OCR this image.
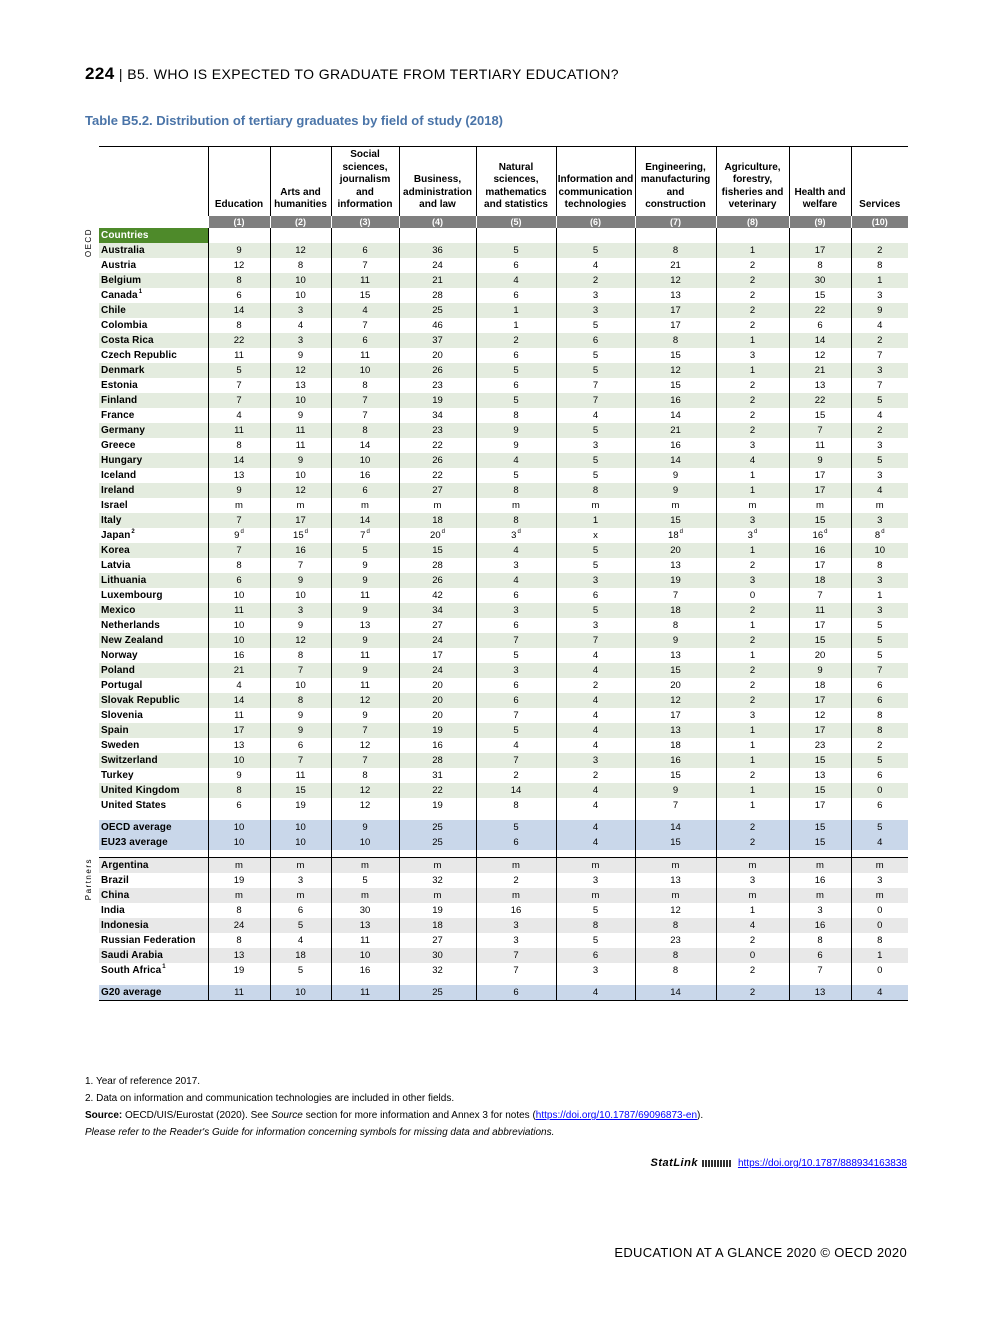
224 | B5. WHO IS EXPECTED TO GRADUATE FROM TERTIARY EDUCATION?
Table B5.2. Distribution of tertiary graduates by field of study (2018)
		Education	Arts and humanities	Social sciences, journalism and information	Business, administration and law	Natural sciences, mathematics and statistics	Information and communication technologies	Engineering, manufacturing and construction	Agriculture, forestry, fisheries and veterinary	Health and welfare	Services
		(1)	(2)	(3)	(4)	(5)	(6)	(7)	(8)	(9)	(10)
	Countries										
	Australia	9	12	6	36	5	5	8	1	17	2
	Austria	12	8	7	24	6	4	21	2	8	8
	Belgium	8	10	11	21	4	2	12	2	30	1
	Canada$^1$	6	10	15	28	6	3	13	2	15	3
	Chile	14	3	4	25	1	3	17	2	22	9
	Colombia	8	4	7	46	1	5	17	2	6	4
	Costa Rica	22	3	6	37	2	6	8	1	14	2
	Czech Republic	11	9	11	20	6	5	15	3	12	7
	Denmark	5	12	10	26	5	5	12	1	21	3
	Estonia	7	13	8	23	6	7	15	2	13	7
	Finland	7	10	7	19	5	7	16	2	22	5
	France	4	9	7	34	8	4	14	2	15	4
	Germany	11	11	8	23	9	5	21	2	7	2
	Greece	8	11	14	22	9	3	16	3	11	3
	Hungary	14	9	10	26	4	5	14	4	9	5
	Iceland	13	10	16	22	5	5	9	1	17	3
	Ireland	9	12	6	27	8	8	9	1	17	4
	Israel	m	m	m	m	m	m	m	m	m	m
	Italy	7	17	14	18	8	1	15	3	15	3
	Japan$^2$	9$^d$	15$^d$	7$^d$	20$^d$	3$^d$	x	18$^d$	3$^d$	16$^d$	8$^d$
	Korea	7	16	5	15	4	5	20	1	16	10
	Latvia	8	7	9	28	3	5	13	2	17	8
	Lithuania	6	9	9	26	4	3	19	3	18	3
	Luxembourg	10	10	11	42	6	6	7	0	7	1
	Mexico	11	3	9	34	3	5	18	2	11	3
	Netherlands	10	9	13	27	6	3	8	1	17	5
	New Zealand	10	12	9	24	7	7	9	2	15	5
	Norway	16	8	11	17	5	4	13	1	20	5
	Poland	21	7	9	24	3	4	15	2	9	7
	Portugal	4	10	11	20	6	2	20	2	18	6
	Slovak Republic	14	8	12	20	6	4	12	2	17	6
	Slovenia	11	9	9	20	7	4	17	3	12	8
	Spain	17	9	7	19	5	4	13	1	17	8
	Sweden	13	6	12	16	4	4	18	1	23	2
	Switzerland	10	7	7	28	7	3	16	1	15	5
	Turkey	9	11	8	31	2	2	15	2	13	6
	United Kingdom	8	15	12	22	14	4	9	1	15	0
	United States	6	19	12	19	8	4	7	1	17	6

	OECD average	10	10	9	25	5	4	14	2	15	5
	EU23 average	10	10	10	25	6	4	15	2	15	4

	Argentina	m	m	m	m	m	m	m	m	m	m
	Brazil	19	3	5	32	2	3	13	3	16	3
	China	m	m	m	m	m	m	m	m	m	m
	India	8	6	30	19	16	5	12	1	3	0
	Indonesia	24	5	13	18	3	8	8	4	16	0
	Russian Federation	8	4	11	27	3	5	23	2	8	8
	Saudi Arabia	13	18	10	30	7	6	8	0	6	1
	South Africa$^1$	19	5	16	32	7	3	8	2	7	0

	G20 average	11	10	11	25	6	4	14	2	13	4
OECD
Partners
1. Year of reference 2017.
2. Data on information and communication technologies are included in other fields.
Source: OECD/UIS/Eurostat (2020). See Source section for more information and Annex 3 for notes (https://doi.org/10.1787/69096873-en).
Please refer to the Reader's Guide for information concerning symbols for missing data and abbreviations.
StatLink	https://doi.org/10.1787/888934163838
EDUCATION AT A GLANCE 2020 © OECD 2020
